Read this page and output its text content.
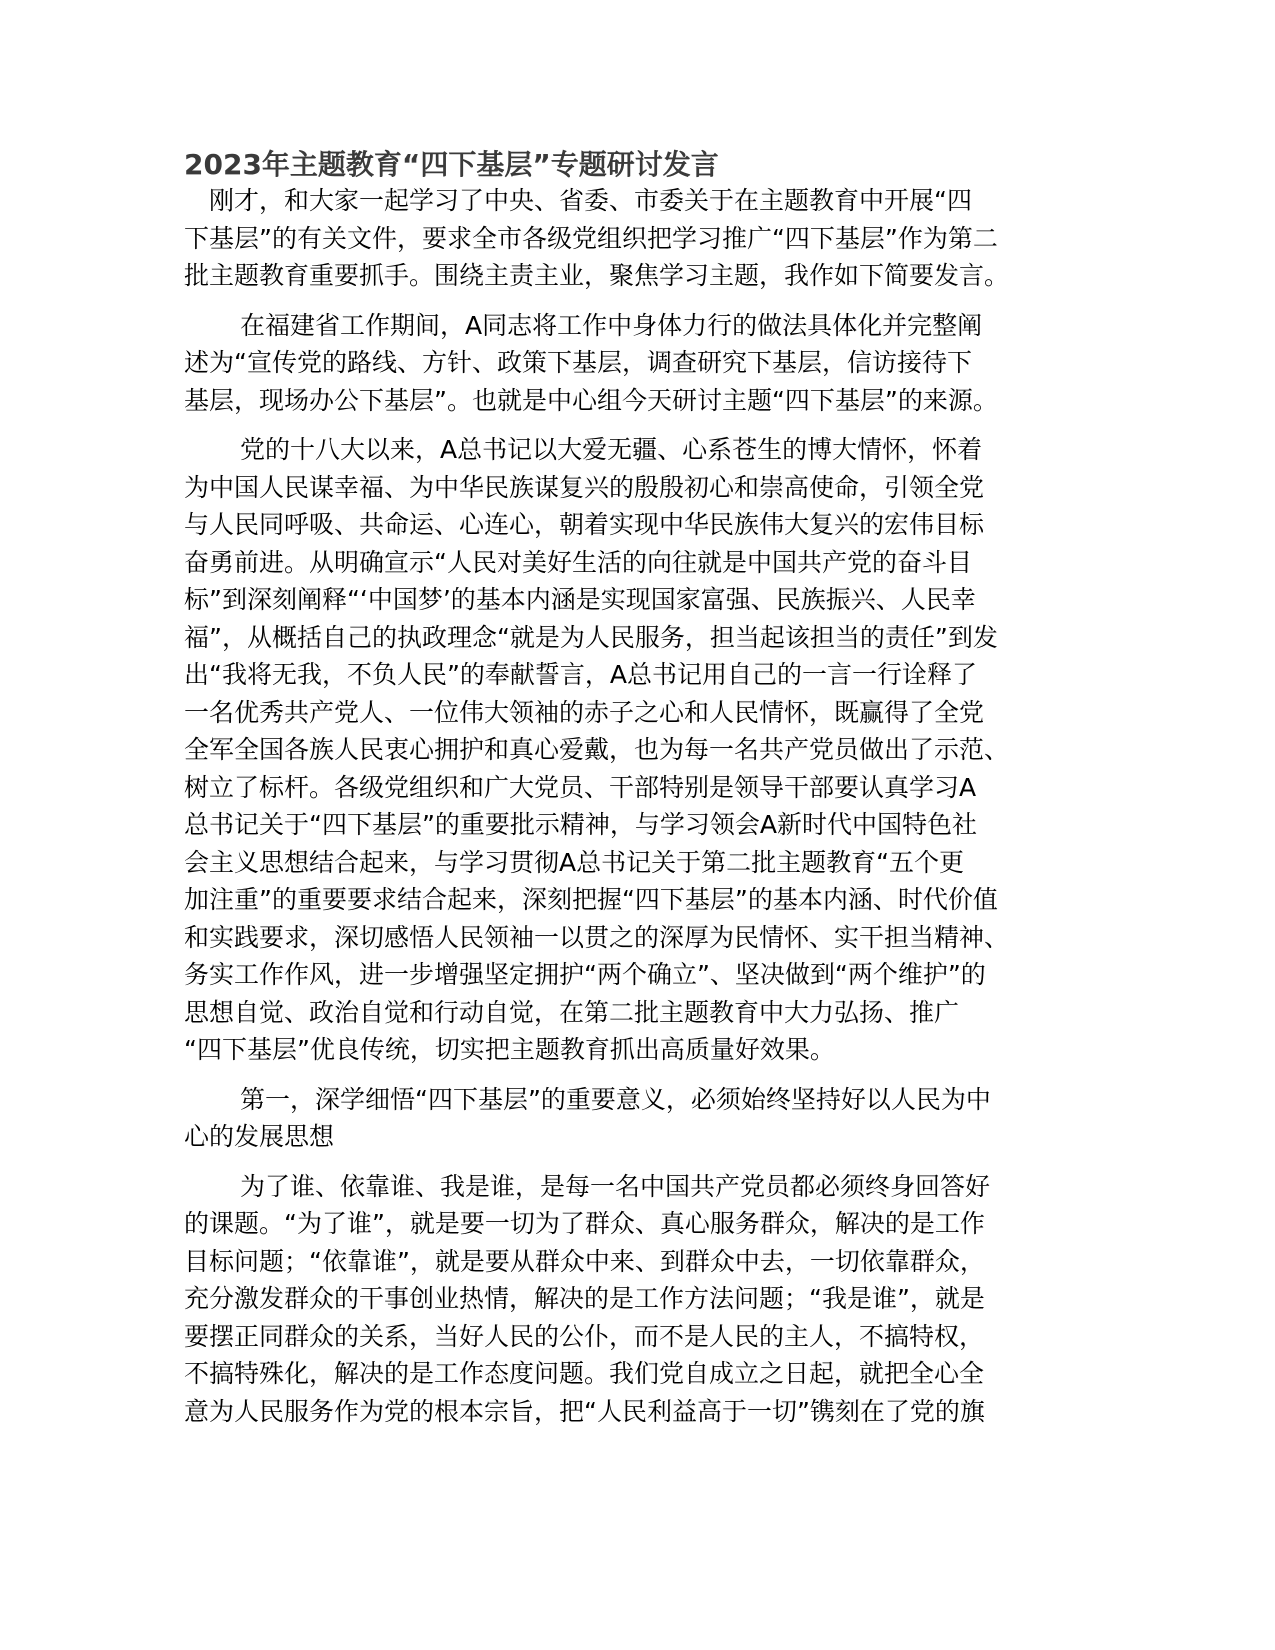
2023年主题教育“四下基层”专题研讨发言

刚才，和大家一起学习了中央、省委、市委关于在主题教育中开展“四
下基层”的有关文件，要求全市各级党组织把学习推广“四下基层”作为第二
批主题教育重要抓手。围绕主责主业，聚焦学习主题，我作如下简要发言。

在福建省工作期间，A同志将工作中身体力行的做法具体化并完整阐
述为“宣传党的路线、方针、政策下基层，调查研究下基层，信访接待下
基层，现场办公下基层”。也就是中心组今天研讨主题“四下基层”的来源。

党的十八大以来，A总书记以大爱无疆、心系苍生的博大情怀，怀着
为中国人民谋幸福、为中华民族谋复兴的殷殷初心和崇高使命，引领全党
与人民同呼吸、共命运、心连心，朝着实现中华民族伟大复兴的宏伟目标
奋勇前进。从明确宣示“人民对美好生活的向往就是中国共产党的奋斗目
标”到深刻阐释“‘中国梦’的基本内涵是实现国家富强、民族振兴、人民幸
福”，从概括自己的执政理念“就是为人民服务，担当起该担当的责任”到发
出“我将无我，不负人民”的奉献誓言，A总书记用自己的一言一行诠释了
一名优秀共产党人、一位伟大领袖的赤子之心和人民情怀，既赢得了全党
全军全国各族人民衷心拥护和真心爱戴，也为每一名共产党员做出了示范、
树立了标杆。各级党组织和广大党员、干部特别是领导干部要认真学习A
总书记关于“四下基层”的重要批示精神，与学习领会A新时代中国特色社
会主义思想结合起来，与学习贯彻A总书记关于第二批主题教育“五个更
加注重”的重要要求结合起来，深刻把握“四下基层”的基本内涵、时代价值
和实践要求，深切感悟人民领袖一以贯之的深厚为民情怀、实干担当精神、
务实工作作风，进一步增强坚定拥护“两个确立”、坚决做到“两个维护”的
思想自觉、政治自觉和行动自觉，在第二批主题教育中大力弘扬、推广
“四下基层”优良传统，切实把主题教育抓出高质量好效果。

第一，深学细悟“四下基层”的重要意义，必须始终坚持好以人民为中
心的发展思想

为了谁、依靠谁、我是谁，是每一名中国共产党员都必须终身回答好
的课题。“为了谁”，就是要一切为了群众、真心服务群众，解决的是工作
目标问题；“依靠谁”，就是要从群众中来、到群众中去，一切依靠群众，
充分激发群众的干事创业热情，解决的是工作方法问题；“我是谁”，就是
要摆正同群众的关系，当好人民的公仆，而不是人民的主人，不搞特权，
不搞特殊化，解决的是工作态度问题。我们党自成立之日起，就把全心全
意为人民服务作为党的根本宗旨，把“人民利益高于一切”镌刻在了党的旗
